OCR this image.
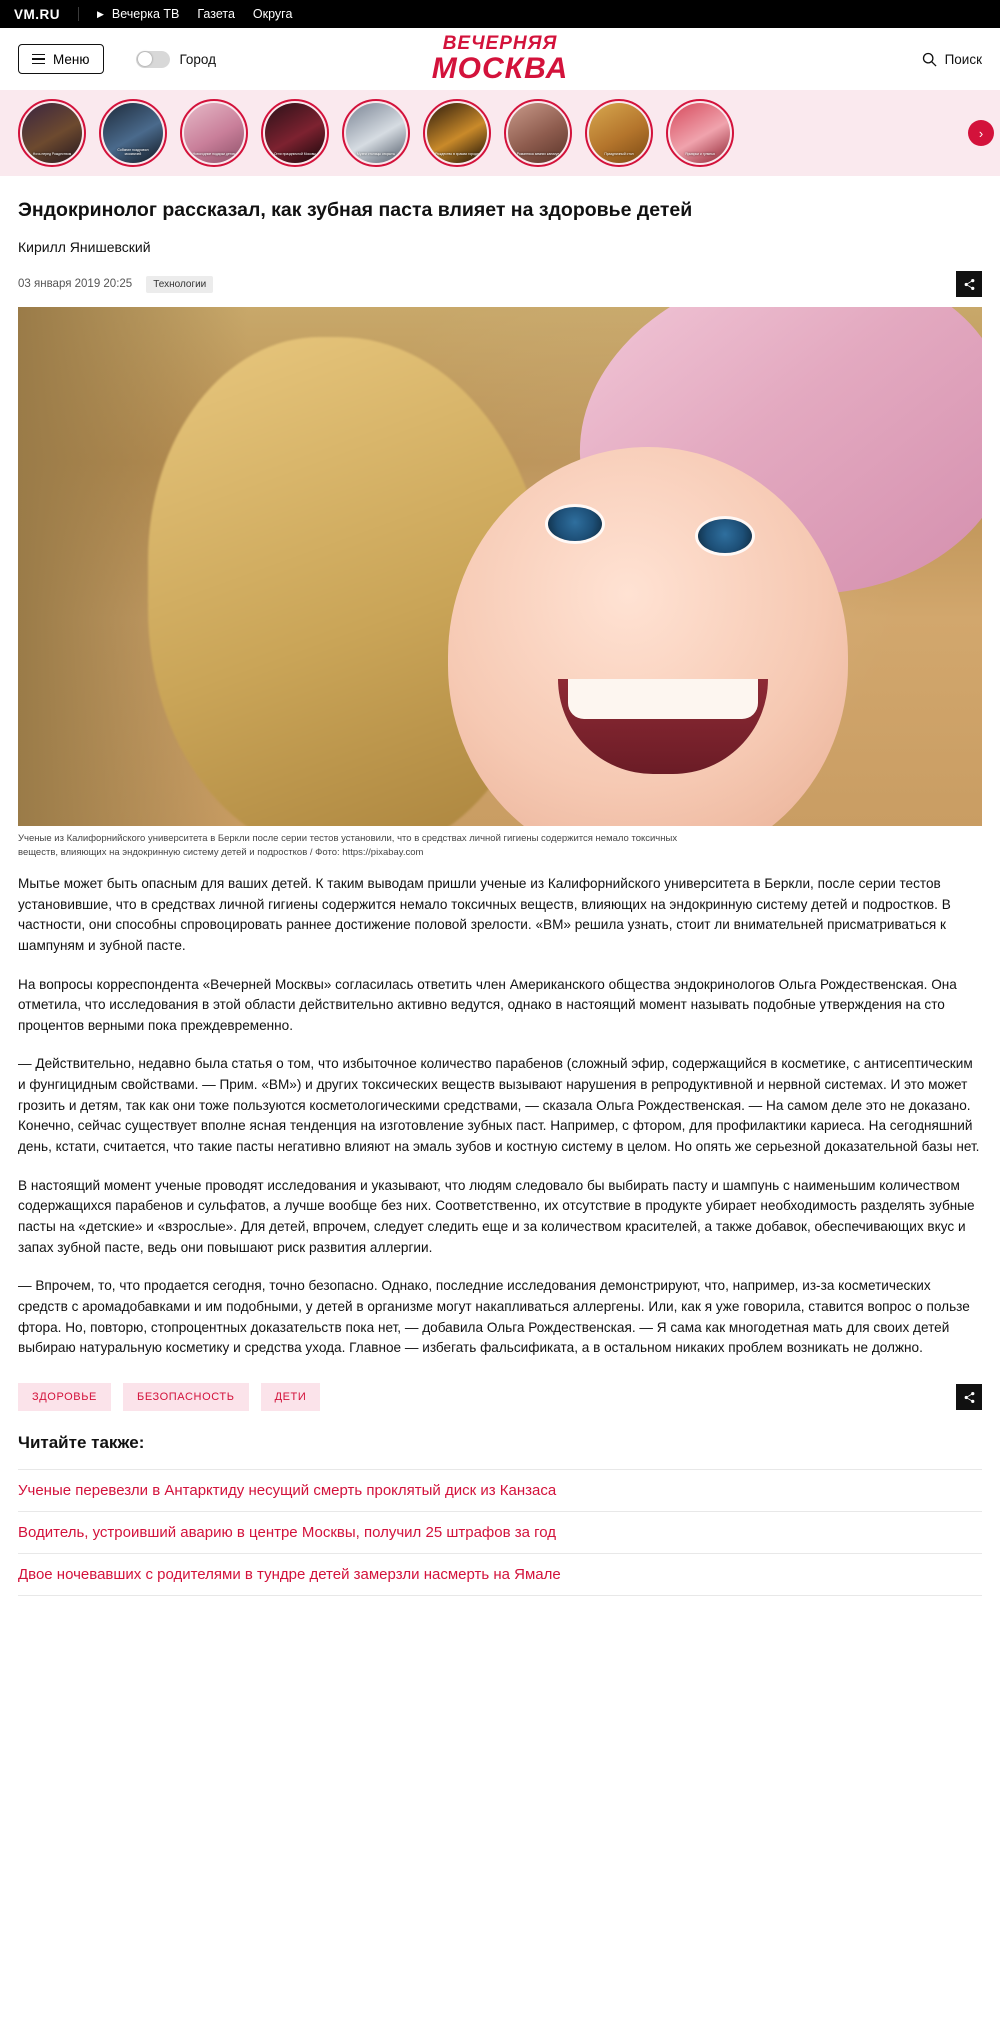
VM.RU	▶ Вечерка ТВ Газета Округа
Меню	Город
ВЕЧЕРНЯЯ
МОСКВА	Поиск
Ночь перед Рождеством
Собянин поздравил москвичей	Новогодние подарки детям	Огни праздничной Москвы	Музеи столицы открыты	Рождество в храмах города	Романтика зимних каникул	Праздничный стол	Ярмарки и гулянья
›
Эндокринолог рассказал, как зубная паста влияет на здоровье детей
Кирилл Янишевский
03 января 2019 20:25	Технологии
Ученые из Калифорнийского университета в Беркли после серии тестов установили, что в средствах личной гигиены содержится немало токсичных веществ, влияющих на эндокринную систему детей и подростков / Фото: https://pixabay.com

Мытье может быть опасным для ваших детей. К таким выводам пришли ученые из Калифорнийского университета в Беркли, после серии тестов установившие, что в средствах личной гигиены содержится немало токсичных веществ, влияющих на эндокринную систему детей и подростков. В частности, они способны спровоцировать раннее достижение половой зрелости. «ВМ» решила узнать, стоит ли внимательней присматриваться к шампуням и зубной пасте.

На вопросы корреспондента «Вечерней Москвы» согласилась ответить член Американского общества эндокринологов Ольга Рождественская. Она отметила, что исследования в этой области действительно активно ведутся, однако в настоящий момент называть подобные утверждения на сто процентов верными пока преждевременно.

— Действительно, недавно была статья о том, что избыточное количество парабенов (сложный эфир, содержащийся в косметике, с антисептическим и фунгицидным свойствами. — Прим. «ВМ») и других токсических веществ вызывают нарушения в репродуктивной и нервной системах. И это может грозить и детям, так как они тоже пользуются косметологическими средствами, — сказала Ольга Рождественская. — На самом деле это не доказано. Конечно, сейчас существует вполне ясная тенденция на изготовление зубных паст. Например, с фтором, для профилактики кариеса. На сегодняшний день, кстати, считается, что такие пасты негативно влияют на эмаль зубов и костную систему в целом. Но опять же серьезной доказательной базы нет.

В настоящий момент ученые проводят исследования и указывают, что людям следовало бы выбирать пасту и шампунь с наименьшим количеством содержащихся парабенов и сульфатов, а лучше вообще без них. Соответственно, их отсутствие в продукте убирает необходимость разделять зубные пасты на «детские» и «взрослые». Для детей, впрочем, следует следить еще и за количеством красителей, а также добавок, обеспечивающих вкус и запах зубной пасте, ведь они повышают риск развития аллергии.

— Впрочем, то, что продается сегодня, точно безопасно. Однако, последние исследования демонстрируют, что, например, из-за косметических средств с аромадобавками и им подобными, у детей в организме могут накапливаться аллергены. Или, как я уже говорила, ставится вопрос о пользе фтора. Но, повторю, стопроцентных доказательств пока нет, — добавила Ольга Рождественская. — Я сама как многодетная мать для своих детей выбираю натуральную косметику и средства ухода. Главное — избегать фальсификата, а в остальном никаких проблем возникать не должно.

ЗДОРОВЬЕ	БЕЗОПАСНОСТЬ	ДЕТИ
Читайте также:
Ученые перевезли в Антарктиду несущий смерть проклятый диск из Канзаса
Водитель, устроивший аварию в центре Москвы, получил 25 штрафов за год
Двое ночевавших с родителями в тундре детей замерзли насмерть на Ямале
